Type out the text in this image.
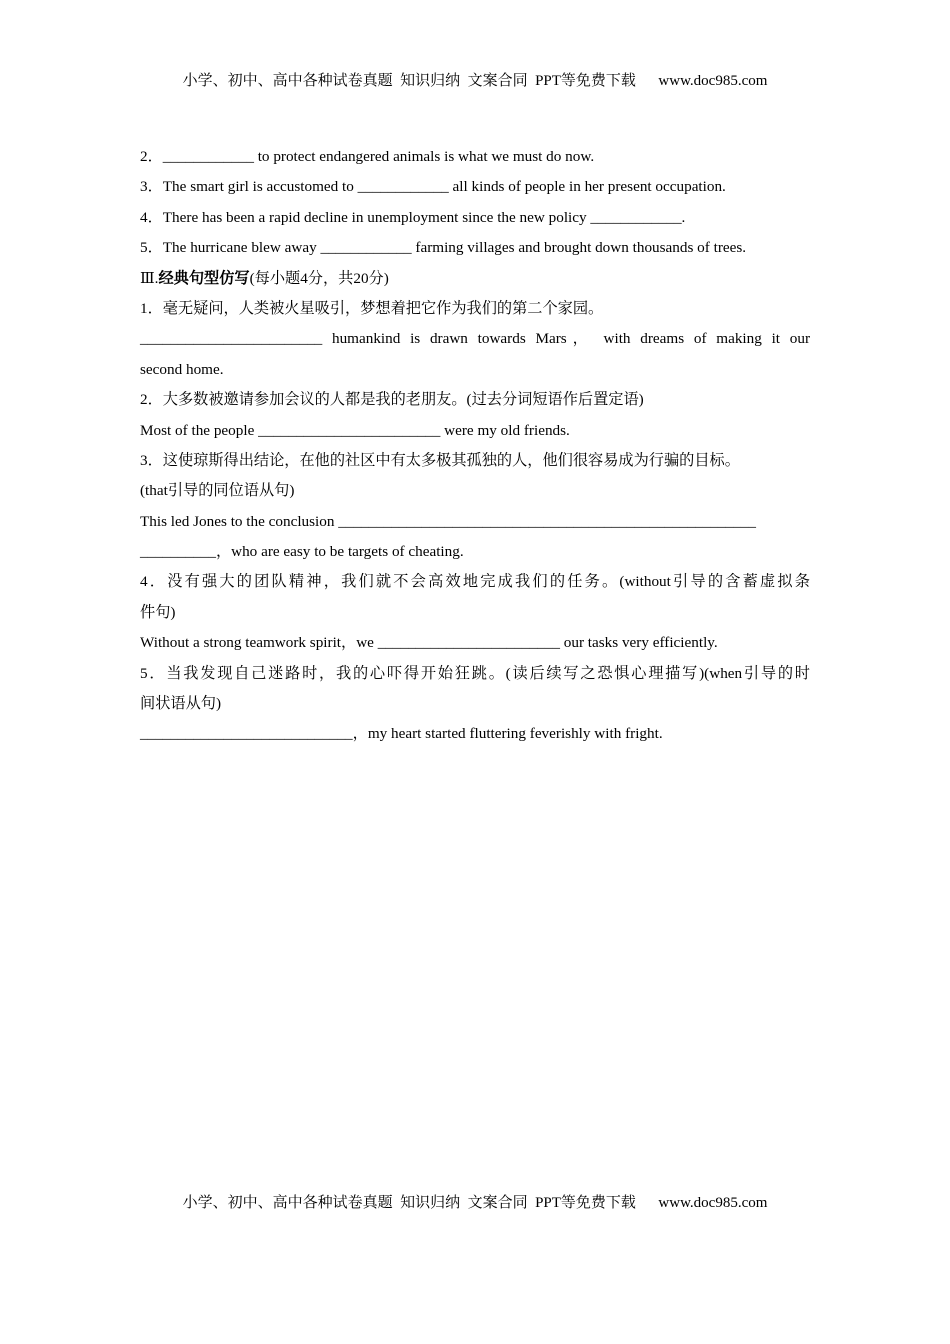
小学、初中、高中各种试卷真题  知识归纳  文案合同  PPT等免费下载      www.doc985.com
2．____________ to protect endangered animals is what we must do now.
3．The smart girl is accustomed to ____________ all kinds of people in her present occupation.
4．There has been a rapid decline in unemployment since the new policy ____________.
5．The hurricane blew away ____________ farming villages and brought down thousands of trees.
Ⅲ.经典句型仿写(每小题4分，共20分)
1．毫无疑问，人类被火星吸引，梦想着把它作为我们的第二个家园。
________________________ humankind is drawn towards Mars， with dreams of making it our
second home.
2．大多数被邀请参加会议的人都是我的老朋友。(过去分词短语作后置定语)
Most of the people ________________________ were my old friends.
3．这使琼斯得出结论，在他的社区中有太多极其孤独的人，他们很容易成为行骗的目标。
(that引导的同位语从句)
This led Jones to the conclusion _______________________________________________________
__________，who are easy to be targets of cheating.
4．没有强大的团队精神，我们就不会高效地完成我们的任务。(without引导的含蓄虚拟条
件句)
Without a strong teamwork spirit，we ________________________ our tasks very efficiently.
5．当我发现自己迷路时，我的心吓得开始狂跳。(读后续写之恐惧心理描写)(when引导的时
间状语从句)
____________________________，my heart started fluttering feverishly with fright.
小学、初中、高中各种试卷真题  知识归纳  文案合同  PPT等免费下载      www.doc985.com
